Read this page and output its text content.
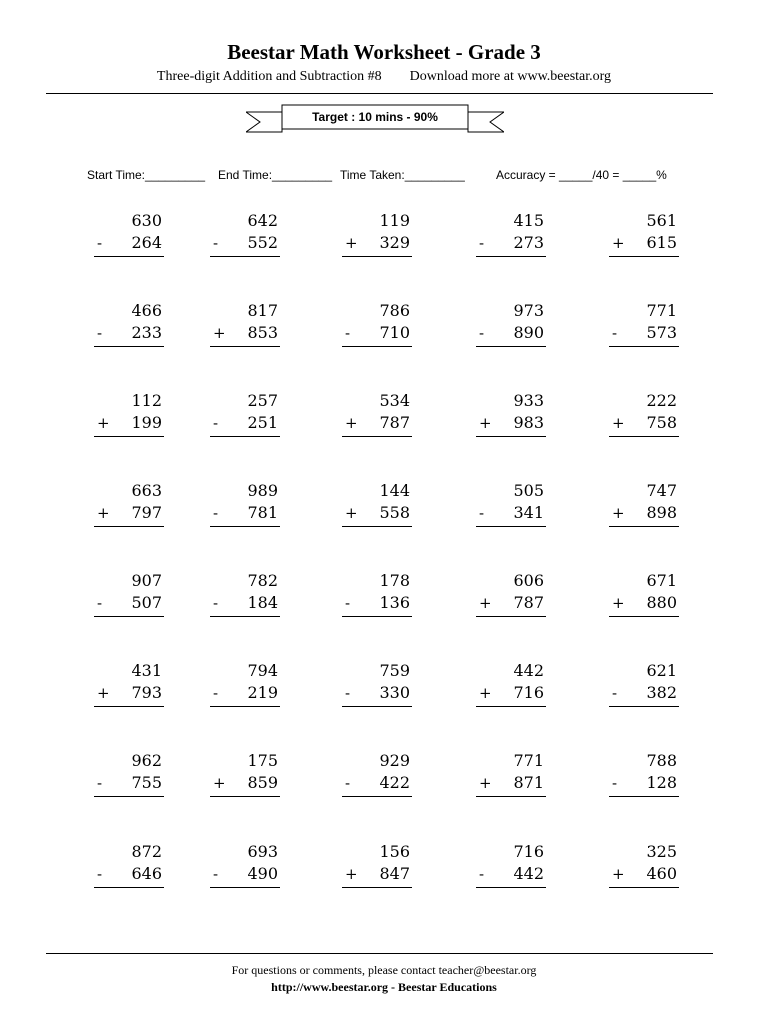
Beestar Math Worksheet - Grade 3
Three-digit Addition and Subtraction #8        Download more at www.beestar.org
Target : 10 mins - 90%
Start Time:_________ End Time:_________ Time Taken:_________	Accuracy = _____/40 = _____%
630
- 264
642
- 552
119
+ 329
415
- 273
561
+ 615
466
- 233
817
+ 853
786
- 710
973
- 890
771
- 573
112
+ 199
257
- 251
534
+ 787
933
+ 983
222
+ 758
663
+ 797
989
- 781
144
+ 558
505
- 341
747
+ 898
907
- 507
782
- 184
178
- 136
606
+ 787
671
+ 880
431
+ 793
794
- 219
759
- 330
442
+ 716
621
- 382
962
- 755
175
+ 859
929
- 422
771
+ 871
788
- 128
872
- 646
693
- 490
156
+ 847
716
- 442
325
+ 460
For questions or comments, please contact teacher@beestar.org
http://www.beestar.org - Beestar Educations
